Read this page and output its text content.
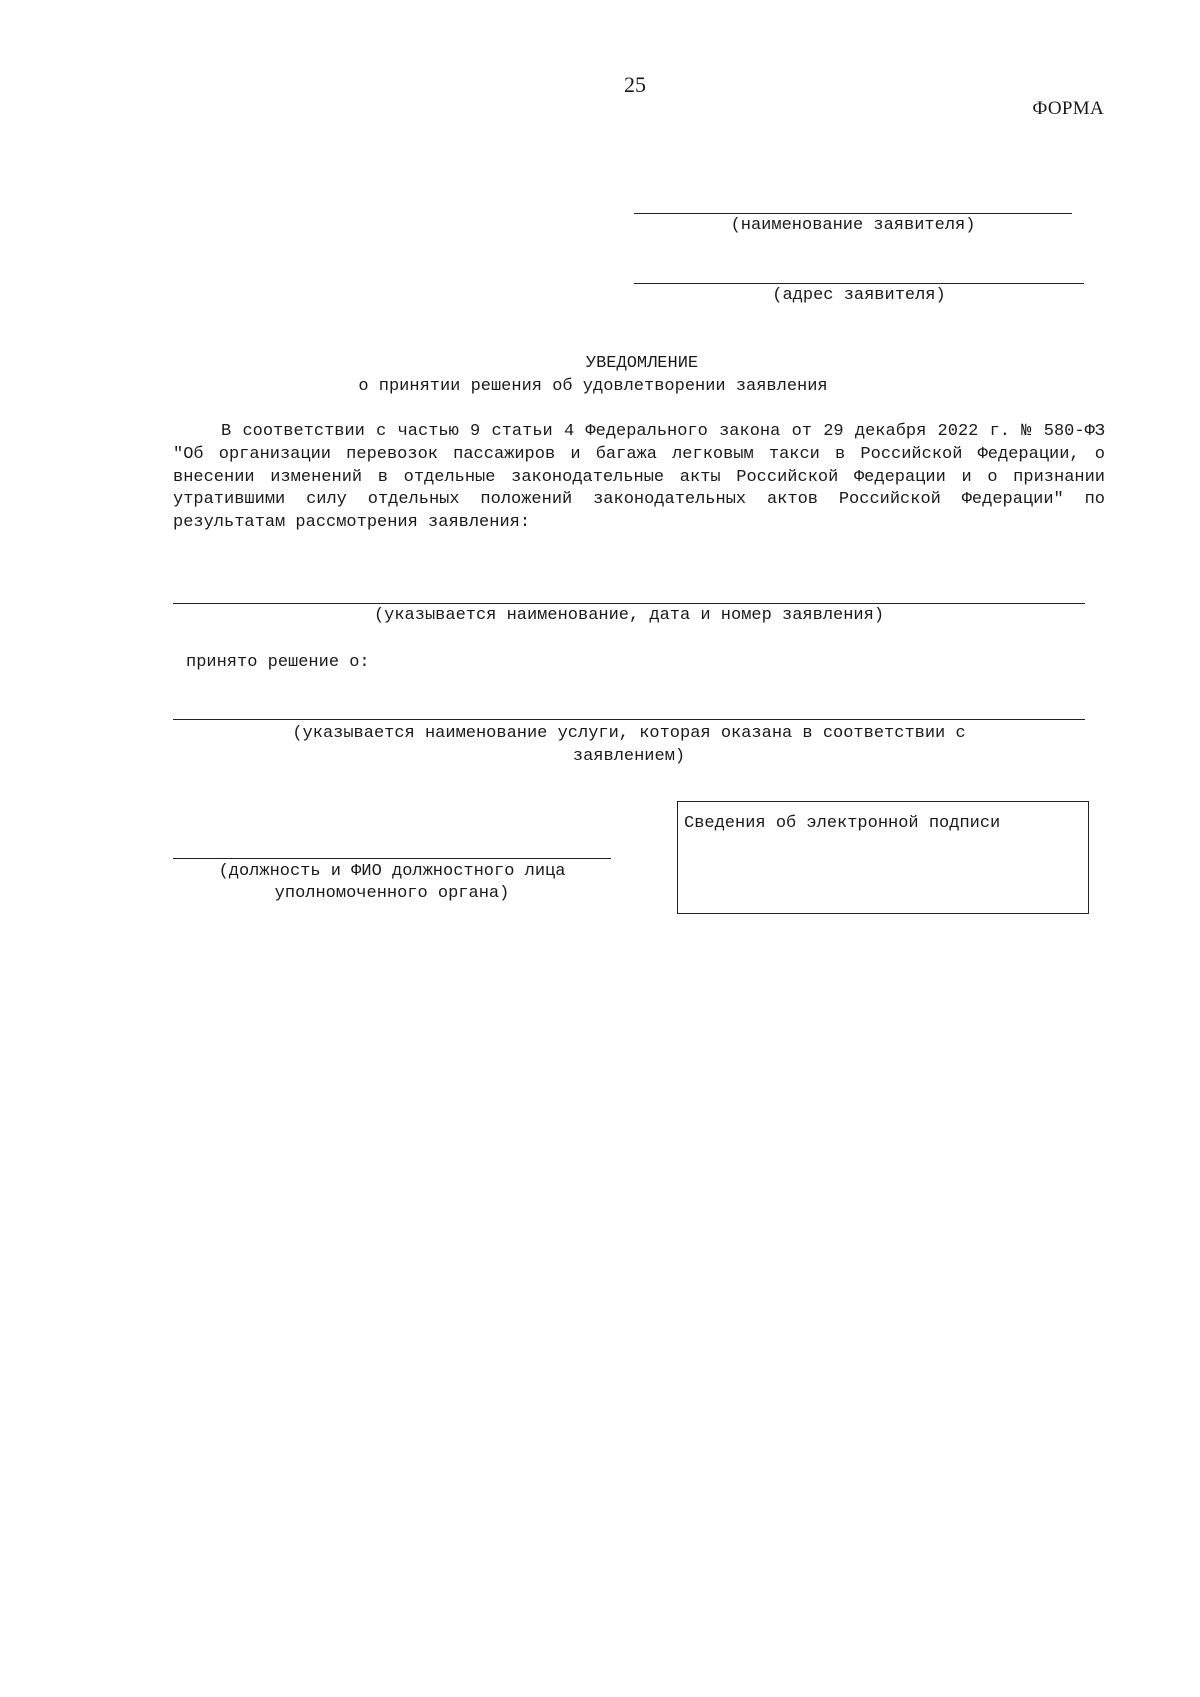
25
ФОРМА
(наименование заявителя)
(адрес заявителя)
УВЕДОМЛЕНИЕ
о принятии решения об удовлетворении заявления
В соответствии с частью 9 статьи 4 Федерального закона от 29 декабря 2022 г. № 580-ФЗ "Об организации перевозок пассажиров и багажа легковым такси в Российской Федерации, о внесении изменений в отдельные законодательные акты Российской Федерации и о признании утратившими силу отдельных положений законодательных актов Российской Федерации" по результатам рассмотрения заявления:
(указывается наименование, дата и номер заявления)
принято решение о:
(указывается наименование услуги, которая оказана в соответствии с
заявлением)
(должность и ФИО должностного лица
уполномоченного органа)
Сведения об электронной подписи
